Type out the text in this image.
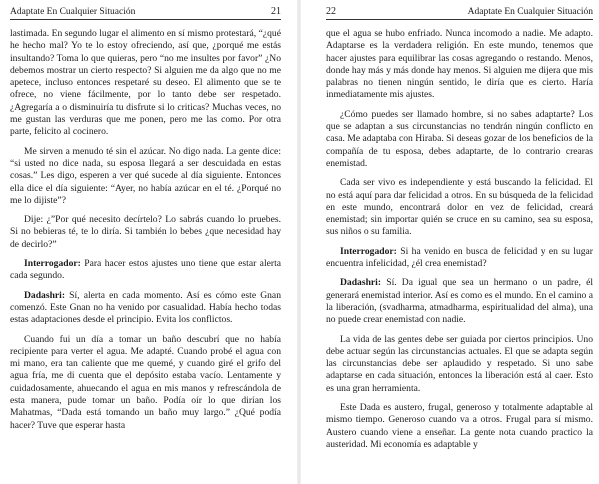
Adaptate En Cualquier Situación	21

lastimada. En segundo lugar el alimento en sí mismo protestará, “¿qué he hecho mal? Yo te lo estoy ofreciendo, así que, ¿porqué me estás insultando? Toma lo que quieras, pero “no me insultes por favor” ¿No debemos mostrar un cierto respecto? Si alguien me da algo que no me apetece, incluso entonces respetaré su deseo. El alimento que se te ofrece, no viene fácilmente, por lo tanto debe ser respetado. ¿Agregaría a o disminuiría tu disfrute si lo criticas? Muchas veces, no me gustan las verduras que me ponen, pero me las como. Por otra parte, felicito al cocinero.

Me sirven a menudo té sin el azúcar. No digo nada. La gente dice: “si usted no dice nada, su esposa llegará a ser descuidada en estas cosas.” Les digo, esperen a ver qué sucede al día siguiente. Entonces ella dice el día siguiente: “Ayer, no había azúcar en el té. ¿Porqué no me lo dijiste”?

Dije: ¿”Por qué necesito decírtelo? Lo sabrás cuando lo pruebes. Si no bebieras té, te lo diría. Si también lo bebes ¿que necesidad hay de decirlo?”

Interrogador: Para hacer estos ajustes uno tiene que estar alerta cada segundo.

Dadashri: Sí, alerta en cada momento. Así es cómo este Gnan comenzó. Este Gnan no ha venido por casualidad. Había hecho todas estas adaptaciones desde el principio. Evita los conflictos.

Cuando fui un día a tomar un baño descubrí que no había recipiente para verter el agua. Me adapté. Cuando probé el agua con mi mano, era tan caliente que me quemé, y cuando giré el grifo del agua fría, me di cuenta que el depósito estaba vacío. Lentamente y cuidadosamente, ahuecando el agua en mis manos y refrescándola de esta manera, pude tomar un baño. Podía oír lo que dirían los Mahatmas, “Dada está tomando un baño muy largo.” ¿Qué podía hacer? Tuve que esperar hasta

22	Adaptate En Cualquier Situación

que el agua se hubo enfriado. Nunca incomodo a nadie. Me adapto. Adaptarse es la verdadera religión. En este mundo, tenemos que hacer ajustes para equilibrar las cosas agregando o restando. Menos, donde hay más y más donde hay menos. Si alguien me dijera que mis palabras no tienen ningún sentido, le diría que es cierto. Haría inmediatamente mis ajustes.

¿Cómo puedes ser llamado hombre, si no sabes adaptarte? Los que se adaptan a sus circunstancias no tendrán ningún conflicto en casa. Me adaptaba con Hiraba. Si deseas gozar de los beneficios de la compañía de tu esposa, debes adaptarte, de lo contrario crearas enemistad.

Cada ser vivo es independiente y está buscando la felicidad. El no está aquí para dar felicidad a otros. En su búsqueda de la felicidad en este mundo, encontrará dolor en vez de felicidad, creará enemistad; sin importar quién se cruce en su camino, sea su esposa, sus niños o su familia.

Interrogador: Si ha venido en busca de felicidad y en su lugar encuentra infelicidad, ¿él crea enemistad?

Dadashri: Sí. Da igual que sea un hermano o un padre, él generará enemistad interior. Así es como es el mundo. En el camino a la liberación, (svadharma, atmadharma, espiritualidad del alma), una no puede crear enemistad con nadie.

La vida de las gentes debe ser guiada por ciertos principios. Uno debe actuar según las circunstancias actuales. El que se adapta según las circunstancias debe ser aplaudido y respetado. Si uno sabe adaptarse en cada situación, entonces la liberación está al caer. Esto es una gran herramienta.

Este Dada es austero, frugal, generoso y totalmente adaptable al mismo tiempo. Generoso cuando va a otros. Frugal para sí mismo. Austero cuando viene a enseñar. La gente nota cuando practico la austeridad. Mi economía es adaptable y
